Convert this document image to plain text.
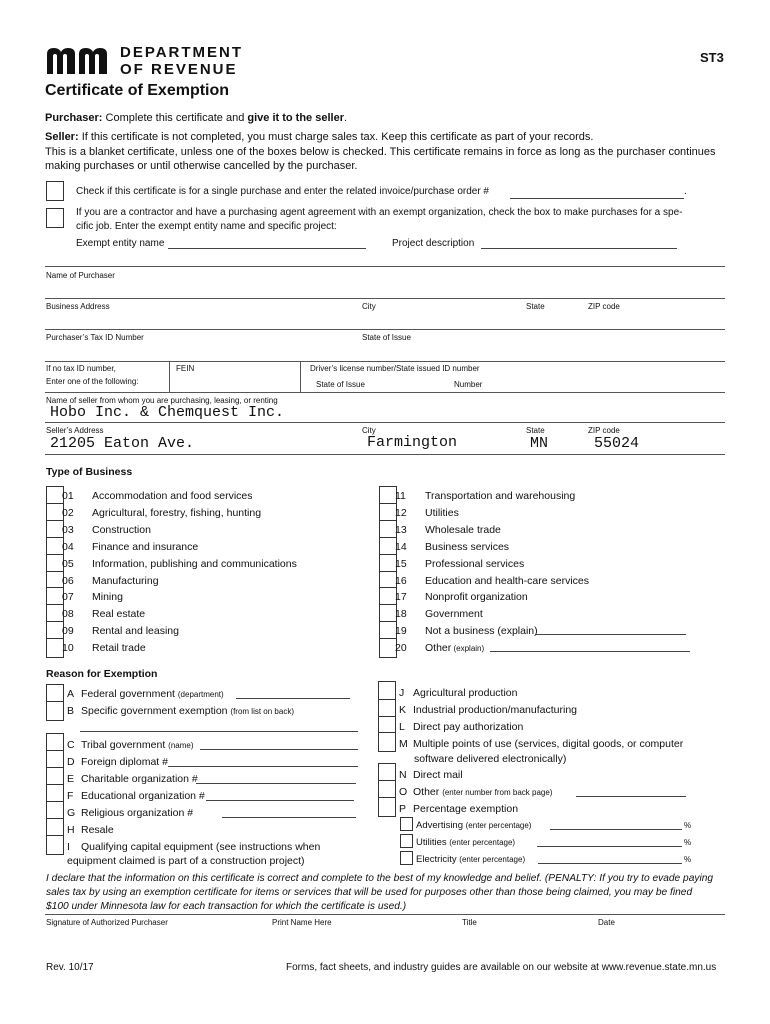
DEPARTMENT
OF REVENUE
ST3
Certificate of Exemption
Purchaser: Complete this certificate and give it to the seller.
Seller: If this certificate is not completed, you must charge sales tax. Keep this certificate as part of your records.
This is a blanket certificate, unless one of the boxes below is checked. This certificate remains in force as long as the purchaser continues
making purchases or until otherwise cancelled by the purchaser.
Check if this certificate is for a single purchase and enter the related invoice/purchase order #	.
If you are a contractor and have a purchasing agent agreement with an exempt organization, check the box to make purchases for a spe-
cific job. Enter the exempt entity name and specific project:
Exempt entity name	Project description
Name of Purchaser
Business Address	City	State	ZIP code
Purchaser’s Tax ID Number	State of Issue
If no tax ID number,
Enter one of the following:
FEIN	Driver’s license number/State issued ID number
State of Issue	Number
Name of seller from whom you are purchasing, leasing, or renting
Hobo Inc. & Chemquest Inc.
Seller’s Address
21205 Eaton Ave.
City
Farmington
State
MN
ZIP code
55024
Type of Business
01 Accommodation and food services
02 Agricultural, forestry, fishing, hunting
03 Construction
04 Finance and insurance
05 Information, publishing and communications
06 Manufacturing
07 Mining
08 Real estate
09 Rental and leasing
10 Retail trade
11 Transportation and warehousing
12 Utilities
13 Wholesale trade
14 Business services
15 Professional services
16 Education and health-care services
17 Nonprofit organization
18 Government
19 Not a business (explain)
20 Other (explain)
Reason for Exemption
A Federal government (department)
B Specific government exemption (from list on back)
C Tribal government (name)
D Foreign diplomat #
E Charitable organization #
F Educational organization #
G Religious organization #
H Resale
I Qualifying capital equipment (see instructions when
equipment claimed is part of a construction project)
J Agricultural production
K Industrial production/manufacturing
L Direct pay authorization
M Multiple points of use (services, digital goods, or computer
software delivered electronically)
N Direct mail
O Other (enter number from back page)
P Percentage exemption
Advertising (enter percentage)	%
Utilities (enter percentage)	%
Electricity (enter percentage)	%
I declare that the information on this certificate is correct and complete to the best of my knowledge and belief. (PENALTY: If you try to evade paying
sales tax by using an exemption certificate for items or services that will be used for purposes other than those being claimed, you may be fined
$100 under Minnesota law for each transaction for which the certificate is used.)
Signature of Authorized Purchaser	Print Name Here	Title	Date
Rev. 10/17	Forms, fact sheets, and industry guides are available on our website at www.revenue.state.mn.us
